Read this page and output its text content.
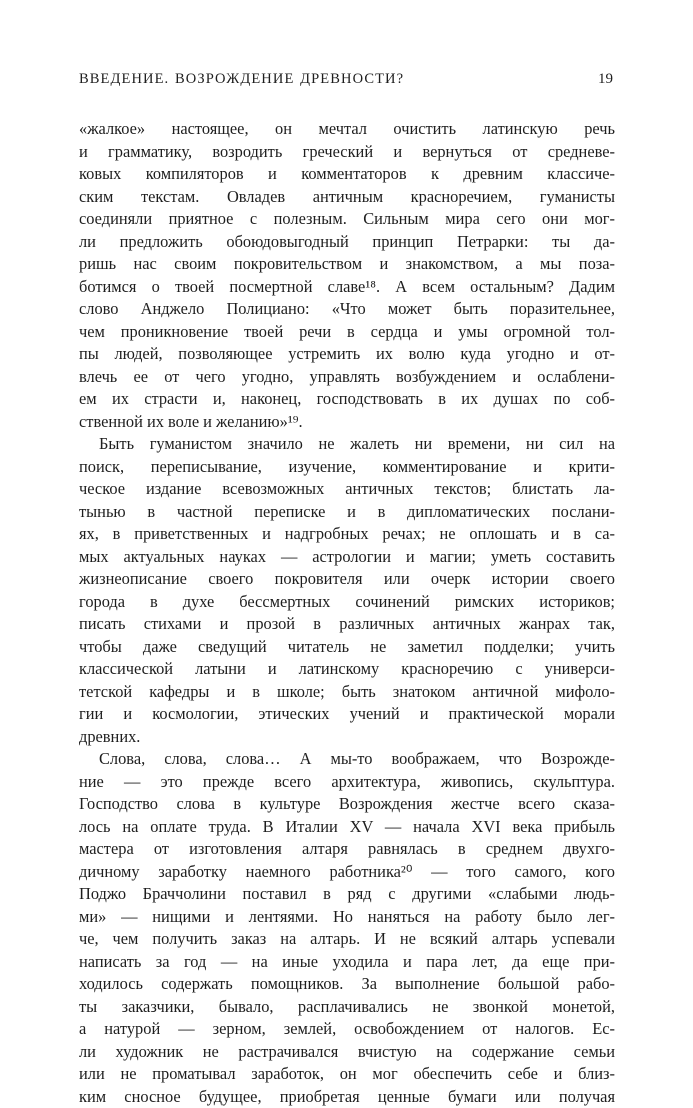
ВВЕДЕНИЕ. ВОЗРОЖДЕНИЕ ДРЕВНОСТИ?	19
«жалкое» настоящее, он мечтал очистить латинскую речь
и грамматику, возродить греческий и вернуться от средневе-
ковых компиляторов и комментаторов к древним классиче-
ским текстам. Овладев античным красноречием, гуманисты
соединяли приятное с полезным. Сильным мира сего они мог-
ли предложить обоюдовыгодный принцип Петрарки: ты да-
ришь нас своим покровительством и знакомством, а мы поза-
ботимся о твоей посмертной славе¹⁸. А всем остальным? Дадим
слово Анджело Полициано: «Что может быть поразительнее,
чем проникновение твоей речи в сердца и умы огромной тол-
пы людей, позволяющее устремить их волю куда угодно и от-
влечь ее от чего угодно, управлять возбуждением и ослаблени-
ем их страсти и, наконец, господствовать в их душах по соб-
ственной их воле и желанию»¹⁹.
Быть гуманистом значило не жалеть ни времени, ни сил на
поиск, переписывание, изучение, комментирование и крити-
ческое издание всевозможных античных текстов; блистать ла-
тынью в частной переписке и в дипломатических послани-
ях, в приветственных и надгробных речах; не оплошать и в са-
мых актуальных науках — астрологии и магии; уметь составить
жизнеописание своего покровителя или очерк истории своего
города в духе бессмертных сочинений римских историков;
писать стихами и прозой в различных античных жанрах так,
чтобы даже сведущий читатель не заметил подделки; учить
классической латыни и латинскому красноречию с универси-
тетской кафедры и в школе; быть знатоком античной мифоло-
гии и космологии, этических учений и практической морали
древних.
Слова, слова, слова… А мы-то воображаем, что Возрожде-
ние — это прежде всего архитектура, живопись, скульптура.
Господство слова в культуре Возрождения жестче всего сказа-
лось на оплате труда. В Италии XV — начала XVI века прибыль
мастера от изготовления алтаря равнялась в среднем двухго-
дичному заработку наемного работника²⁰ — того самого, кого
Поджо Браччолини поставил в ряд с другими «слабыми людь-
ми» — нищими и лентяями. Но наняться на работу было лег-
че, чем получить заказ на алтарь. И не всякий алтарь успевали
написать за год — на иные уходила и пара лет, да еще при-
ходилось содержать помощников. За выполнение большой рабо-
ты заказчики, бывало, расплачивались не звонкой монетой,
а натурой — зерном, землей, освобождением от налогов. Ес-
ли художник не растрачивался вчистую на содержание семьи
или не проматывал заработок, он мог обеспечить себе и близ-
ким сносное будущее, приобретая ценные бумаги или получая
